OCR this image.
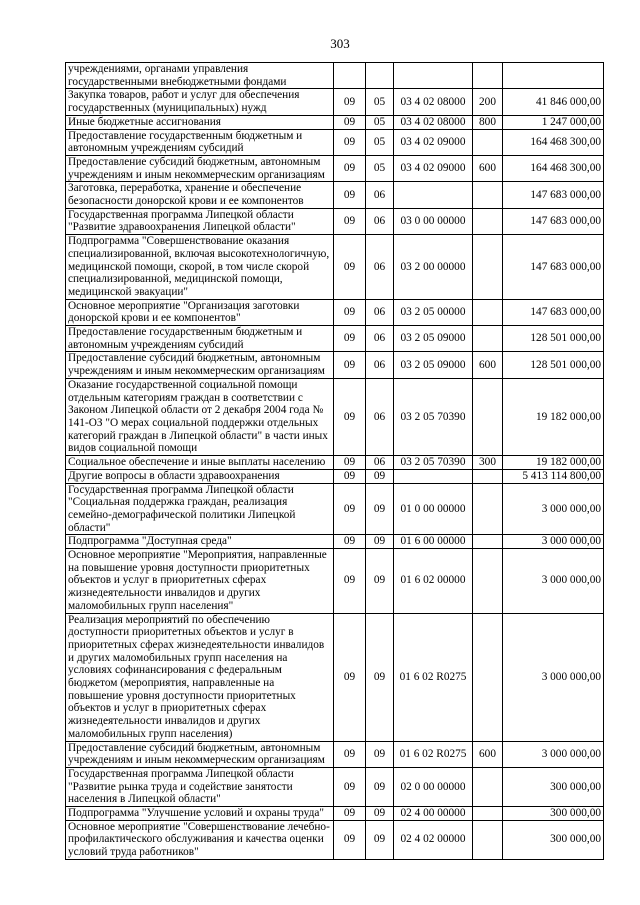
303
учреждениями, органами управления государственными внебюджетными фондами					
Закупка товаров, работ и услуг для обеспечения государственных (муниципальных) нужд	09	05	03 4 02 08000	200	41 846 000,00
Иные бюджетные ассигнования	09	05	03 4 02 08000	800	1 247 000,00
Предоставление государственным бюджетным и автономным учреждениям субсидий	09	05	03 4 02 09000		164 468 300,00
Предоставление субсидий бюджетным, автономным учреждениям и иным некоммерческим организациям	09	05	03 4 02 09000	600	164 468 300,00
Заготовка, переработка, хранение и обеспечение безопасности донорской крови и ее компонентов	09	06			147 683 000,00
Государственная программа Липецкой области "Развитие здравоохранения Липецкой области"	09	06	03 0 00 00000		147 683 000,00
Подпрограмма "Совершенствование оказания специализированной, включая высокотехнологичную, медицинской помощи, скорой, в том числе скорой специализированной, медицинской помощи, медицинской эвакуации"	09	06	03 2 00 00000		147 683 000,00
Основное мероприятие "Организация заготовки донорской крови и ее компонентов"	09	06	03 2 05 00000		147 683 000,00
Предоставление государственным бюджетным и автономным учреждениям субсидий	09	06	03 2 05 09000		128 501 000,00
Предоставление субсидий бюджетным, автономным учреждениям и иным некоммерческим организациям	09	06	03 2 05 09000	600	128 501 000,00
Оказание государственной социальной помощи отдельным категориям граждан в соответствии с Законом Липецкой области от 2 декабря 2004 года № 141-ОЗ "О мерах социальной поддержки отдельных категорий граждан в Липецкой области" в части иных видов социальной помощи	09	06	03 2 05 70390		19 182 000,00
Социальное обеспечение и иные выплаты населению	09	06	03 2 05 70390	300	19 182 000,00
Другие вопросы в области здравоохранения	09	09			5 413 114 800,00
Государственная программа Липецкой области "Социальная поддержка граждан, реализация семейно-демографической политики Липецкой области"	09	09	01 0 00 00000		3 000 000,00
Подпрограмма "Доступная среда"	09	09	01 6 00 00000		3 000 000,00
Основное мероприятие "Мероприятия, направленные на повышение уровня доступности приоритетных объектов и услуг в приоритетных сферах жизнедеятельности инвалидов и других маломобильных групп населения"	09	09	01 6 02 00000		3 000 000,00
Реализация мероприятий по обеспечению доступности приоритетных объектов и услуг в приоритетных сферах жизнедеятельности инвалидов и других маломобильных групп населения на условиях софинансирования с федеральным бюджетом (мероприятия, направленные на повышение уровня доступности приоритетных объектов и услуг в приоритетных сферах жизнедеятельности инвалидов и других маломобильных групп населения)	09	09	01 6 02 R0275		3 000 000,00
Предоставление субсидий бюджетным, автономным учреждениям и иным некоммерческим организациям	09	09	01 6 02 R0275	600	3 000 000,00
Государственная программа Липецкой области "Развитие рынка труда и содействие занятости населения в Липецкой области"	09	09	02 0 00 00000		300 000,00
Подпрограмма "Улучшение условий и охраны труда"	09	09	02 4 00 00000		300 000,00
Основное мероприятие "Совершенствование лечебно-профилактического обслуживания и качества оценки условий труда работников"	09	09	02 4 02 00000		300 000,00
